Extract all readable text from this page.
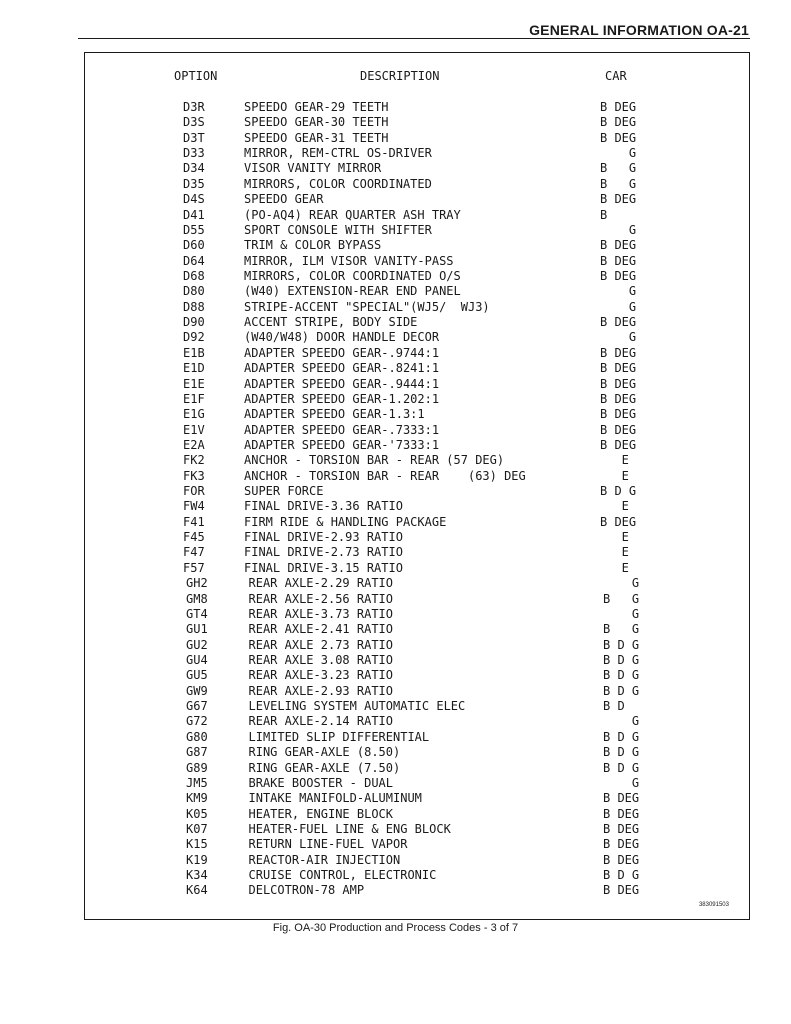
GENERAL INFORMATION OA-21
OPTION	DESCRIPTION	CAR
D3R	SPEEDO GEAR-29 TEETH	B DEG
D3S	SPEEDO GEAR-30 TEETH	B DEG
D3T	SPEEDO GEAR-31 TEETH	B DEG
D33	MIRROR, REM-CTRL OS-DRIVER	G
D34	VISOR VANITY MIRROR	B   G
D35	MIRRORS, COLOR COORDINATED	B   G
D4S	SPEEDO GEAR	B DEG
D41	(PO-AQ4) REAR QUARTER ASH TRAY	B
D55	SPORT CONSOLE WITH SHIFTER	G
D60	TRIM & COLOR BYPASS	B DEG
D64	MIRROR, ILM VISOR VANITY-PASS	B DEG
D68	MIRRORS, COLOR COORDINATED O/S	B DEG
D80	(W40) EXTENSION-REAR END PANEL	G
D88	STRIPE-ACCENT "SPECIAL"(WJ5/  WJ3)	G
D90	ACCENT STRIPE, BODY SIDE	B DEG
D92	(W40/W48) DOOR HANDLE DECOR	G
E1B	ADAPTER SPEEDO GEAR-.9744:1	B DEG
E1D	ADAPTER SPEEDO GEAR-.8241:1	B DEG
E1E	ADAPTER SPEEDO GEAR-.9444:1	B DEG
E1F	ADAPTER SPEEDO GEAR-1.202:1	B DEG
E1G	ADAPTER SPEEDO GEAR-1.3:1	B DEG
E1V	ADAPTER SPEEDO GEAR-.7333:1	B DEG
E2A	ADAPTER SPEEDO GEAR-'7333:1	B DEG
FK2	ANCHOR - TORSION BAR - REAR (57 DEG)	E
FK3	ANCHOR - TORSION BAR - REAR    (63) DEG	E
FOR	SUPER FORCE	B D G
FW4	FINAL DRIVE-3.36 RATIO	E
F41	FIRM RIDE & HANDLING PACKAGE	B DEG
F45	FINAL DRIVE-2.93 RATIO	E
F47	FINAL DRIVE-2.73 RATIO	E
F57	FINAL DRIVE-3.15 RATIO	E
GH2	REAR AXLE-2.29 RATIO	G
GM8	REAR AXLE-2.56 RATIO	B   G
GT4	REAR AXLE-3.73 RATIO	G
GU1	REAR AXLE-2.41 RATIO	B   G
GU2	REAR AXLE 2.73 RATIO	B D G
GU4	REAR AXLE 3.08 RATIO	B D G
GU5	REAR AXLE-3.23 RATIO	B D G
GW9	REAR AXLE-2.93 RATIO	B D G
G67	LEVELING SYSTEM AUTOMATIC ELEC	B D
G72	REAR AXLE-2.14 RATIO	G
G80	LIMITED SLIP DIFFERENTIAL	B D G
G87	RING GEAR-AXLE (8.50)	B D G
G89	RING GEAR-AXLE (7.50)	B D G
JM5	BRAKE BOOSTER - DUAL	G
KM9	INTAKE MANIFOLD-ALUMINUM	B DEG
K05	HEATER, ENGINE BLOCK	B DEG
K07	HEATER-FUEL LINE & ENG BLOCK	B DEG
K15	RETURN LINE-FUEL VAPOR	B DEG
K19	REACTOR-AIR INJECTION	B DEG
K34	CRUISE CONTROL, ELECTRONIC	B D G
K64	DELCOTRON-78 AMP	B DEG
383091503
Fig. OA-30 Production and Process Codes - 3 of 7
